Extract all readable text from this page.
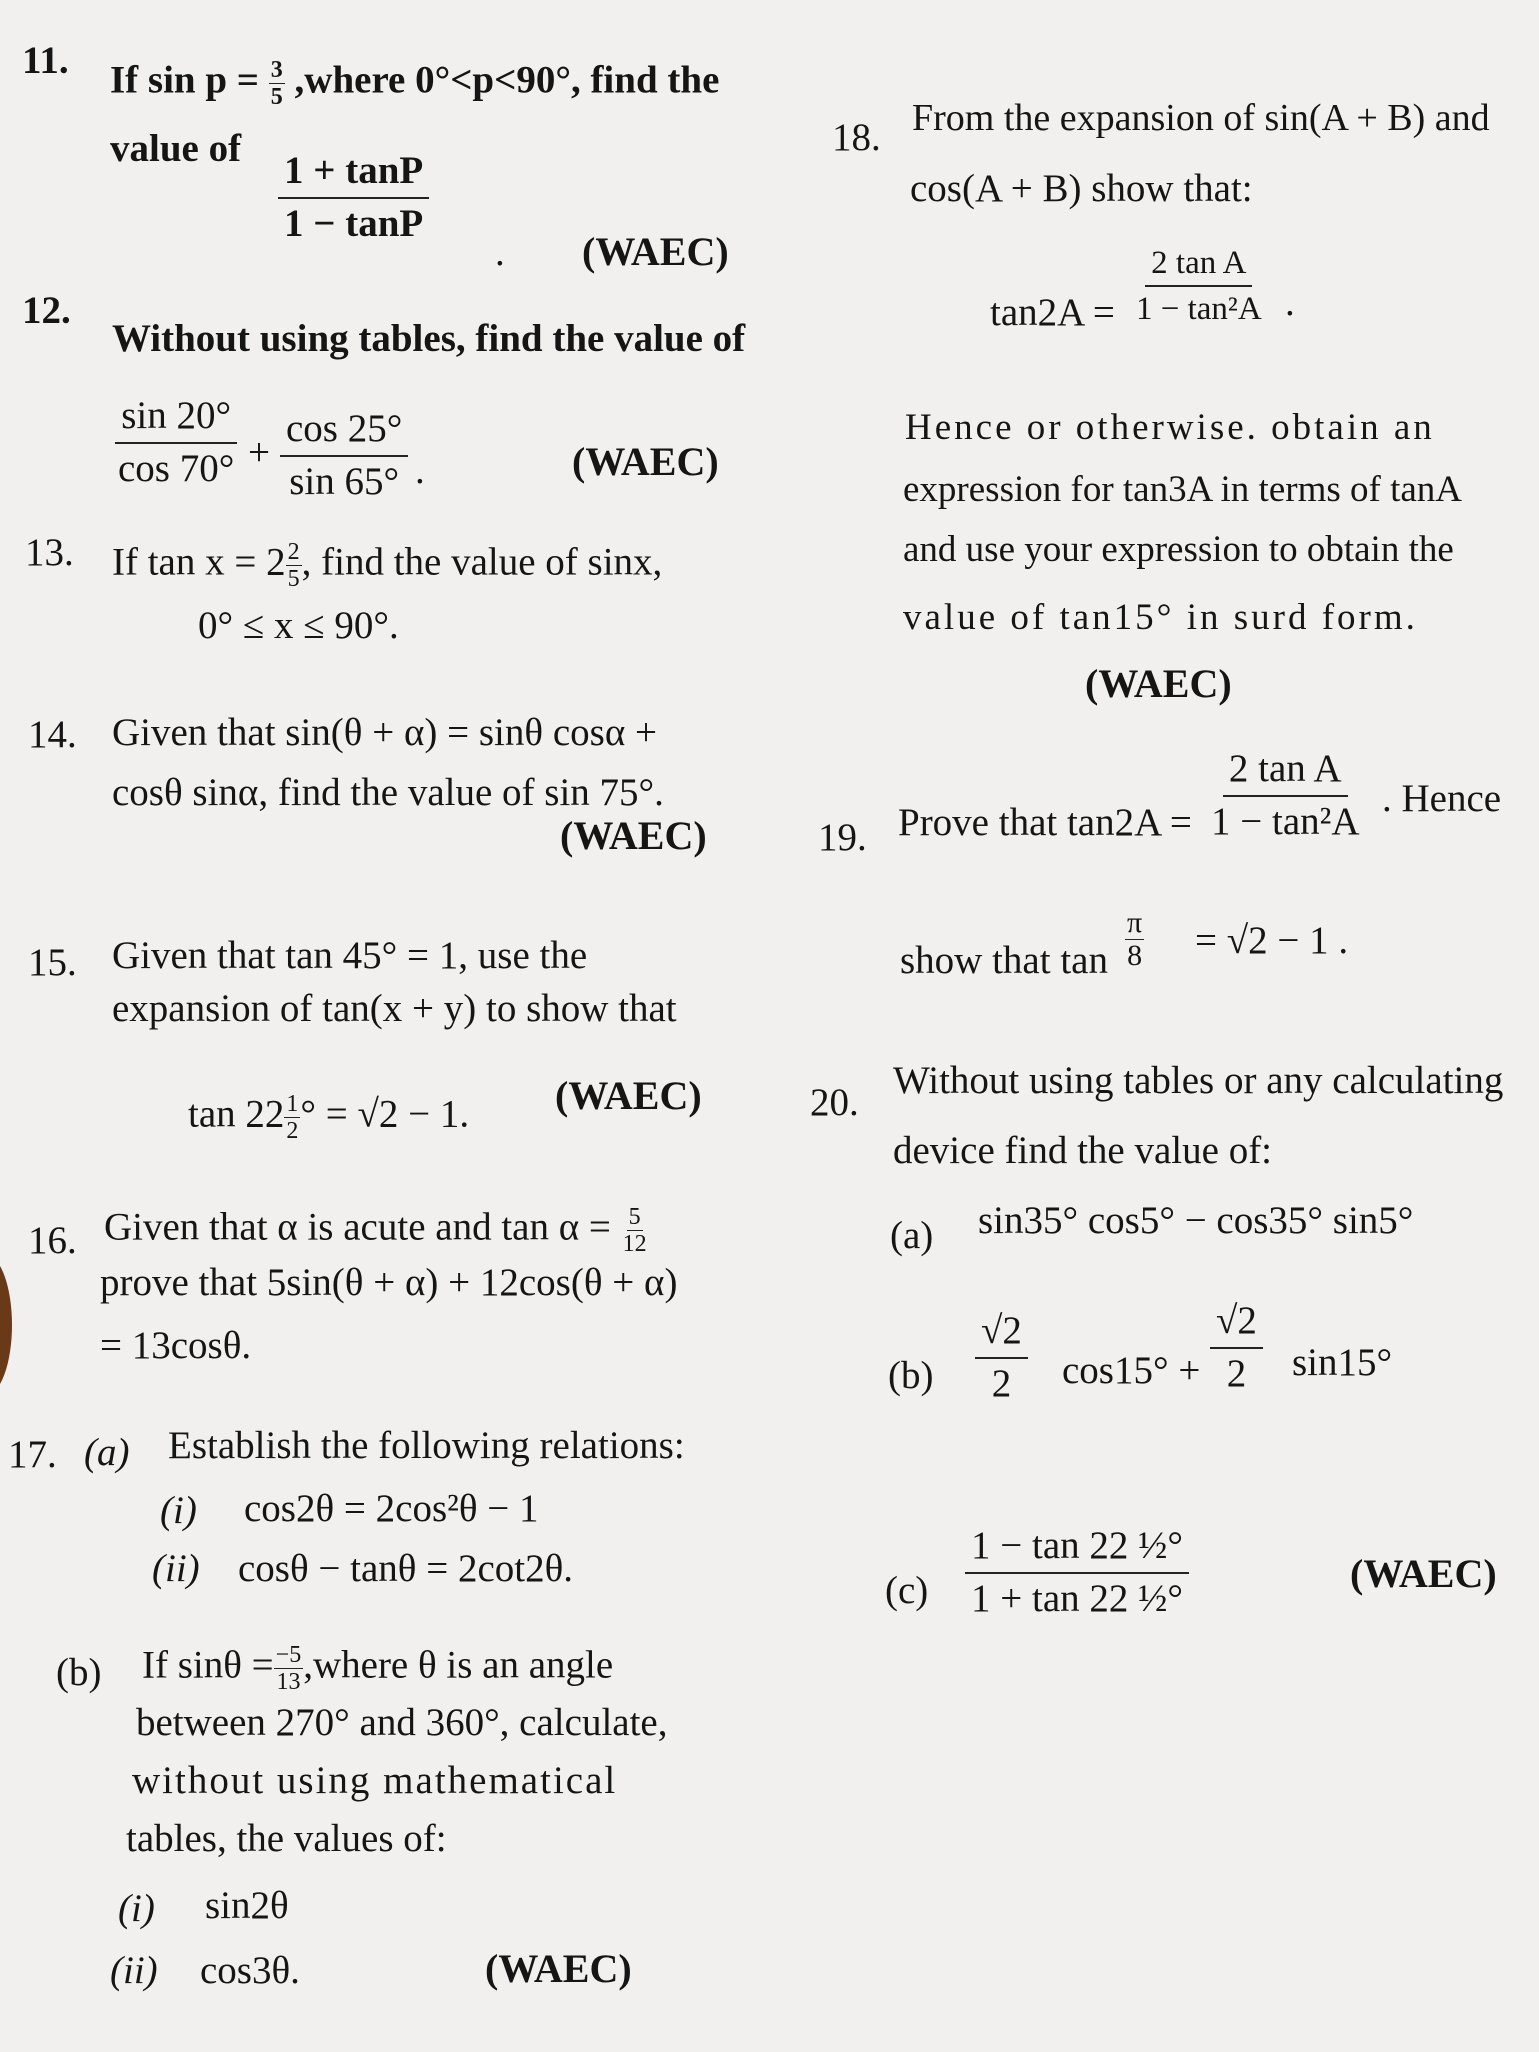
11. If $\sin p = \frac{3}{5}$ ,where 0°<p<90°, find the
value of
$\frac{1 + \tan P}{1 - \tan P}$
. (WAEC)
12.
Without using tables, find the value of
$\frac{\sin 20^\circ}{\cos 70^\circ} + \frac{\cos 25^\circ}{\sin 65^\circ}$ .	(WAEC)
13. If $\tan x = 2 \frac{2}{5}$ , find the value of sinx,
0° ≤ x ≤ 90°.
14. Given that sin(θ + α) = sinθ cosα +
cosθ sinα, find the value of sin 75°.
(WAEC)
15. Given that tan 45° = 1, use the
expansion of tan(x + y) to show that
$\tan 22 \frac{1}{2}$ ° = √2 − 1. (WAEC)
16. Given that α is acute and $\tan \alpha = \frac{5}{12}$
prove that 5sin(θ + α) + 12cos(θ + α)
= 13cosθ.
17. (a) Establish the following relations:
(i) cos2θ = 2cos²θ − 1
(ii) cosθ − tanθ = 2cot2θ.
(b) If $\sin\theta = \frac{-5}{13}$ ,where θ is an angle
between 270° and 360°, calculate,
without using mathematical
tables, the values of:
(i) sin2θ
(ii) cos3θ.	(WAEC)
18. From the expansion of sin(A + B) and
cos(A + B) show that:
$\tan 2A = \frac{\text{2 tan A}}{\text{1 − tan²A}}$ .
Hence or otherwise. obtain an
expression for tan3A in terms of tanA
and use your expression to obtain the
value of tan15° in surd form.
(WAEC)
19. Prove that $\tan 2A = \frac{\text{2 tan A}}{\text{1 − tan²A}}$ . Hence
show that tan
π
8 = √2 − 1 .
20.
Without using tables or any calculating
device find the value of:
(a) sin35° cos5° − cos35° sin5°
$(b) \frac{√2}{2} \cos 15^\circ + \frac{√2}{2} \sin 15^\circ$
$(c) \frac{\text{1 − tan 22 ½°}}{\text{1 + tan 22 ½°}}$	(WAEC)
